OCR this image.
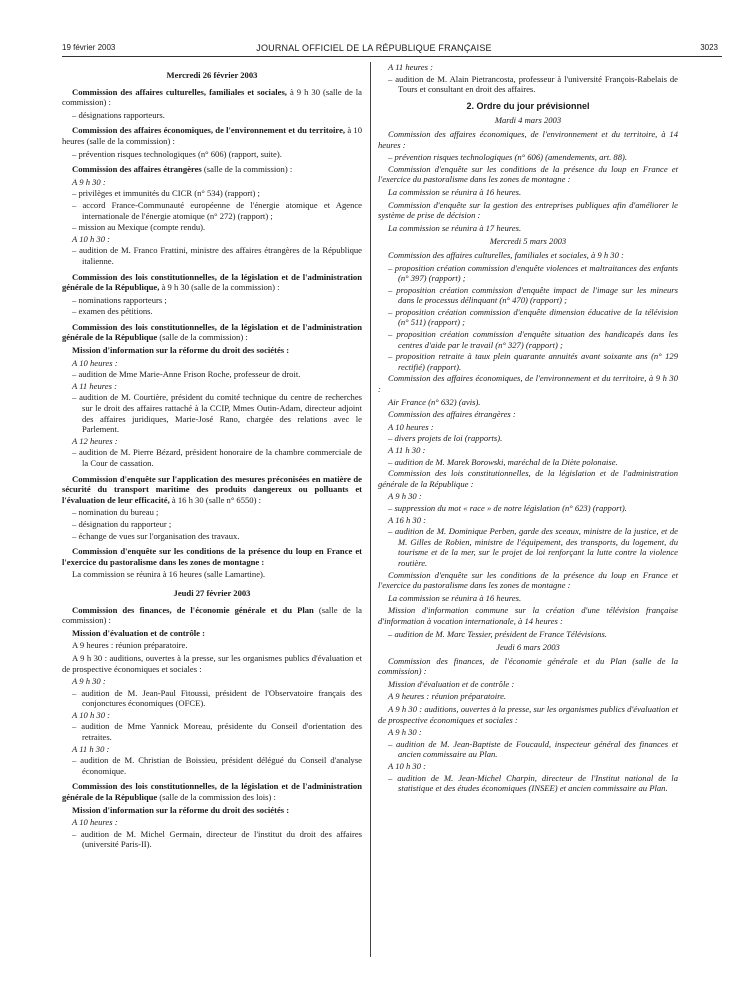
19 février 2003	JOURNAL OFFICIEL DE LA RÉPUBLIQUE FRANÇAISE	3023
Mercredi 26 février 2003
Commission des affaires culturelles, familiales et sociales, à 9 h 30 (salle de la commission) :
– désignations rapporteurs.
Commission des affaires économiques, de l'environnement et du territoire, à 10 heures (salle de la commission) :
– prévention risques technologiques (n° 606) (rapport, suite).
Commission des affaires étrangères (salle de la commission) :
A 9 h 30 :
– privilèges et immunités du CICR (n° 534) (rapport) ;
– accord France-Communauté européenne de l'énergie atomique et Agence internationale de l'énergie atomique (n° 272) (rapport) ;
– mission au Mexique (compte rendu).
A 10 h 30 :
– audition de M. Franco Frattini, ministre des affaires étrangères de la République italienne.
Commission des lois constitutionnelles, de la législation et de l'administration générale de la République, à 9 h 30 (salle de la commission) :
– nominations rapporteurs ;
– examen des pétitions.
Commission des lois constitutionnelles, de la législation et de l'administration générale de la République (salle de la commission) :
Mission d'information sur la réforme du droit des sociétés :
A 10 heures :
– audition de Mme Marie-Anne Frison Roche, professeur de droit.
A 11 heures :
– audition de M. Courtière, président du comité technique du centre de recherches sur le droit des affaires rattaché à la CCIP, Mmes Outin-Adam, directeur adjoint des affaires juridiques, Marie-José Rano, chargée des relations avec le Parlement.
A 12 heures :
– audition de M. Pierre Bézard, président honoraire de la chambre commerciale de la Cour de cassation.
Commission d'enquête sur l'application des mesures préconisées en matière de sécurité du transport maritime des produits dangereux ou polluants et l'évaluation de leur efficacité, à 16 h 30 (salle n° 6550) :
– nomination du bureau ;
– désignation du rapporteur ;
– échange de vues sur l'organisation des travaux.
Commission d'enquête sur les conditions de la présence du loup en France et l'exercice du pastoralisme dans les zones de montagne :
La commission se réunira à 16 heures (salle Lamartine).
Jeudi 27 février 2003
Commission des finances, de l'économie générale et du Plan (salle de la commission) :
Mission d'évaluation et de contrôle :
A 9 heures : réunion préparatoire.
A 9 h 30 : auditions, ouvertes à la presse, sur les organismes publics d'évaluation et de prospective économiques et sociales :
A 9 h 30 :
– audition de M. Jean-Paul Fitoussi, président de l'Observatoire français des conjonctures économiques (OFCE).
A 10 h 30 :
– audition de Mme Yannick Moreau, présidente du Conseil d'orientation des retraites.
A 11 h 30 :
– audition de M. Christian de Boissieu, président délégué du Conseil d'analyse économique.
Commission des lois constitutionnelles, de la législation et de l'administration générale de la République (salle de la commission des lois) :
Mission d'information sur la réforme du droit des sociétés :
A 10 heures :
– audition de M. Michel Germain, directeur de l'institut du droit des affaires (université Paris-II).
A 11 heures :
– audition de M. Alain Pietrancosta, professeur à l'université François-Rabelais de Tours et consultant en droit des affaires.
2. Ordre du jour prévisionnel
Mardi 4 mars 2003
Commission des affaires économiques, de l'environnement et du territoire, à 14 heures :
– prévention risques technologiques (n° 606) (amendements, art. 88).
Commission d'enquête sur les conditions de la présence du loup en France et l'exercice du pastoralisme dans les zones de montagne :
La commission se réunira à 16 heures.
Commission d'enquête sur la gestion des entreprises publiques afin d'améliorer le système de prise de décision :
La commission se réunira à 17 heures.
Mercredi 5 mars 2003
Commission des affaires culturelles, familiales et sociales, à 9 h 30 :
– proposition création commission d'enquête violences et maltraitances des enfants (n° 397) (rapport) ;
– proposition création commission d'enquête impact de l'image sur les mineurs dans le processus délinquant (n° 470) (rapport) ;
– proposition création commission d'enquête dimension éducative de la télévision (n° 511) (rapport) ;
– proposition création commission d'enquête situation des handicapés dans les centres d'aide par le travail (n° 327) (rapport) ;
– proposition retraite à taux plein quarante annuités avant soixante ans (n° 129 rectifié) (rapport).
Commission des affaires économiques, de l'environnement et du territoire, à 9 h 30 :
Air France (n° 632) (avis).
Commission des affaires étrangères :
A 10 heures :
– divers projets de loi (rapports).
A 11 h 30 :
– audition de M. Marek Borowski, maréchal de la Diète polonaise.
Commission des lois constitutionnelles, de la législation et de l'administration générale de la République :
A 9 h 30 :
– suppression du mot « race » de notre législation (n° 623) (rapport).
A 16 h 30 :
– audition de M. Dominique Perben, garde des sceaux, ministre de la justice, et de M. Gilles de Robien, ministre de l'équipement, des transports, du logement, du tourisme et de la mer, sur le projet de loi renforçant la lutte contre la violence routière.
Commission d'enquête sur les conditions de la présence du loup en France et l'exercice du pastoralisme dans les zones de montagne :
La commission se réunira à 16 heures.
Mission d'information commune sur la création d'une télévision française d'information à vocation internationale, à 14 heures :
– audition de M. Marc Tessier, président de France Télévisions.
Jeudi 6 mars 2003
Commission des finances, de l'économie générale et du Plan (salle de la commission) :
Mission d'évaluation et de contrôle :
A 9 heures : réunion préparatoire.
A 9 h 30 : auditions, ouvertes à la presse, sur les organismes publics d'évaluation et de prospective économiques et sociales :
A 9 h 30 :
– audition de M. Jean-Baptiste de Foucauld, inspecteur général des finances et ancien commissaire au Plan.
A 10 h 30 :
– audition de M. Jean-Michel Charpin, directeur de l'Institut national de la statistique et des études économiques (INSEE) et ancien commissaire au Plan.
